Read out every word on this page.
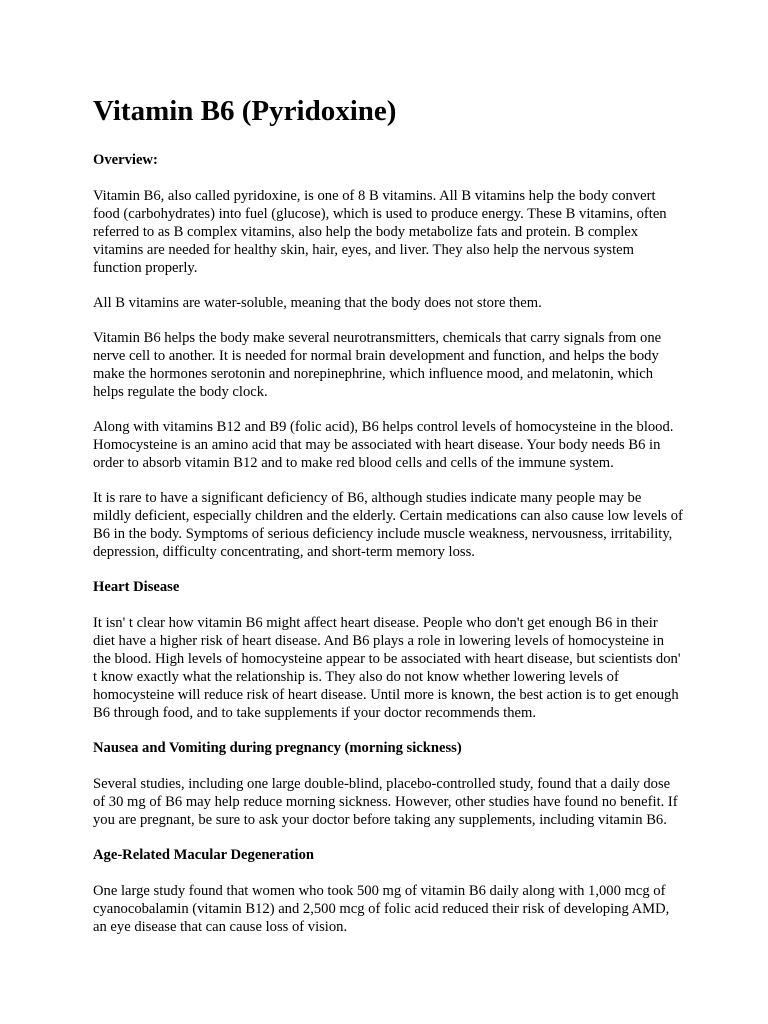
Vitamin B6 (Pyridoxine)
Overview:

Vitamin B6, also called pyridoxine, is one of 8 B vitamins. All B vitamins help the body convert food (carbohydrates) into fuel (glucose), which is used to produce energy. These B vitamins, often referred to as B complex vitamins, also help the body metabolize fats and protein. B complex vitamins are needed for healthy skin, hair, eyes, and liver. They also help the nervous system function properly.

All B vitamins are water-soluble, meaning that the body does not store them.

Vitamin B6 helps the body make several neurotransmitters, chemicals that carry signals from one nerve cell to another. It is needed for normal brain development and function, and helps the body make the hormones serotonin and norepinephrine, which influence mood, and melatonin, which helps regulate the body clock.

Along with vitamins B12 and B9 (folic acid), B6 helps control levels of homocysteine in the blood. Homocysteine is an amino acid that may be associated with heart disease. Your body needs B6 in order to absorb vitamin B12 and to make red blood cells and cells of the immune system.

It is rare to have a significant deficiency of B6, although studies indicate many people may be mildly deficient, especially children and the elderly. Certain medications can also cause low levels of B6 in the body. Symptoms of serious deficiency include muscle weakness, nervousness, irritability, depression, difficulty concentrating, and short-term memory loss.

Heart Disease

It isn' t clear how vitamin B6 might affect heart disease. People who don't get enough B6 in their diet have a higher risk of heart disease. And B6 plays a role in lowering levels of homocysteine in the blood. High levels of homocysteine appear to be associated with heart disease, but scientists don' t know exactly what the relationship is. They also do not know whether lowering levels of homocysteine will reduce risk of heart disease. Until more is known, the best action is to get enough B6 through food, and to take supplements if your doctor recommends them.

Nausea and Vomiting during pregnancy (morning sickness)

Several studies, including one large double-blind, placebo-controlled study, found that a daily dose of 30 mg of B6 may help reduce morning sickness. However, other studies have found no benefit. If you are pregnant, be sure to ask your doctor before taking any supplements, including vitamin B6.

Age-Related Macular Degeneration

One large study found that women who took 500 mg of vitamin B6 daily along with 1,000 mcg of cyanocobalamin (vitamin B12) and 2,500 mcg of folic acid reduced their risk of developing AMD, an eye disease that can cause loss of vision.
